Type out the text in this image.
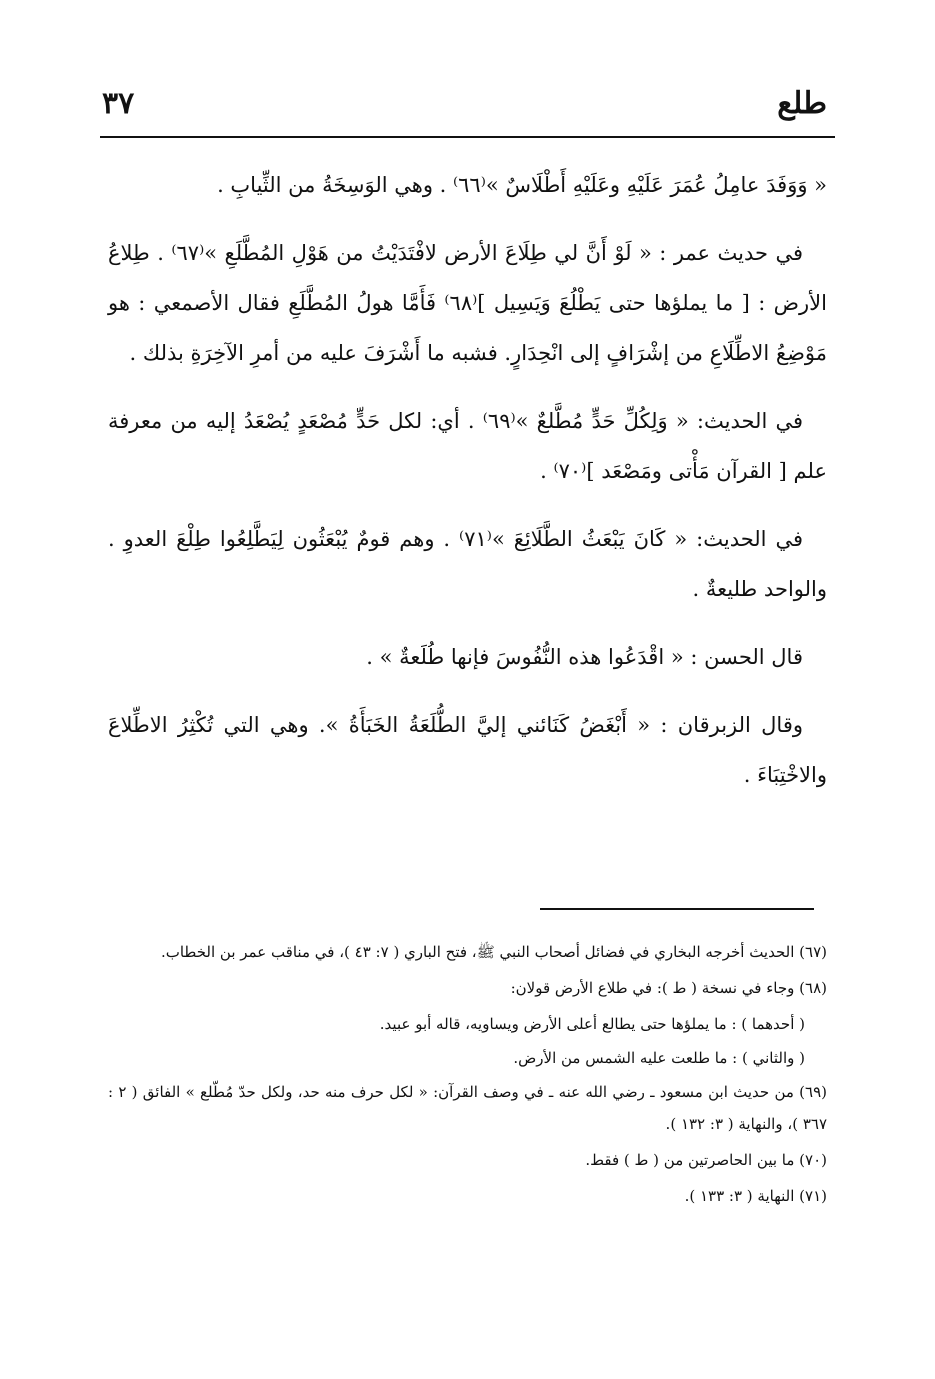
طلع
٣٧

« وَوَفَدَ عامِلُ عُمَرَ عَلَيْهِ وعَلَيْهِ أَطْلَاسٌ »⁽٦٦⁾ . وهي الوَسِخَةُ من الثِّيابِ .

في حديث عمر : « لَوْ أَنَّ لي طِلَاعَ الأرض لافْتَدَيْتُ من هَوْلِ المُطَّلَعِ »⁽٦٧⁾ . طِلاعُ الأرض : [ ما يملؤها حتى يَطْلُعَ وَيَسِيل ]⁽٦٨⁾ فَأَمَّا هولُ المُطَّلَعِ فقال الأصمعي : هو مَوْضِعُ الاطِّلَاعِ من إشْرَافٍ إلى انْحِدَارٍ. فشبه ما أَشْرَفَ عليه من أمرِ الآخِرَةِ بذلك .

في الحديث: « وَلِكُلِّ حَدٍّ مُطَّلعٌ »⁽٦٩⁾ . أي: لكل حَدٍّ مُصْعَدٍ يُصْعَدُ إليه من معرفة علم [ القرآن مَأْتى ومَصْعَد ]⁽٧٠⁾ .

في الحديث: « كَانَ يَبْعَثُ الطَّلَائِعَ »⁽٧١⁾ . وهم قومٌ يُبْعَثُون لِيَطَّلِعُوا طِلْعَ العدوِ . والواحد طليعةٌ .

قال الحسن : « اقْدَعُوا هذه النُّفُوسَ فإنها طُلَعةٌ » .

وقال الزبرقان : « أَبْغَضُ كَنَائني إليَّ الطُّلَعَةُ الخَبَأَةُ ». وهي التي تُكْثِرُ الاطِّلاعَ والاخْتِبَاءَ .

(٦٧) الحديث أخرجه البخاري في فضائل أصحاب النبي ﷺ، فتح الباري ( ٧: ٤٣ )، في مناقب عمر بن الخطاب.

(٦٨) وجاء في نسخة ( ط ): في طلاع الأرض قولان:

( أحدهما ) : ما يملؤها حتى يطالع أعلى الأرض ويساويه، قاله أبو عبيد.

( والثاني ) : ما طلعت عليه الشمس من الأرض.

(٦٩) من حديث ابن مسعود ـ رضي الله عنه ـ في وصف القرآن: « لكل حرف منه حد، ولكل حدّ مُطّلع » الفائق ( ٢ : ٣٦٧ )، والنهاية ( ٣: ١٣٢ ).

(٧٠) ما بين الحاصرتين من ( ط ) فقط.

(٧١) النهاية ( ٣: ١٣٣ ).
